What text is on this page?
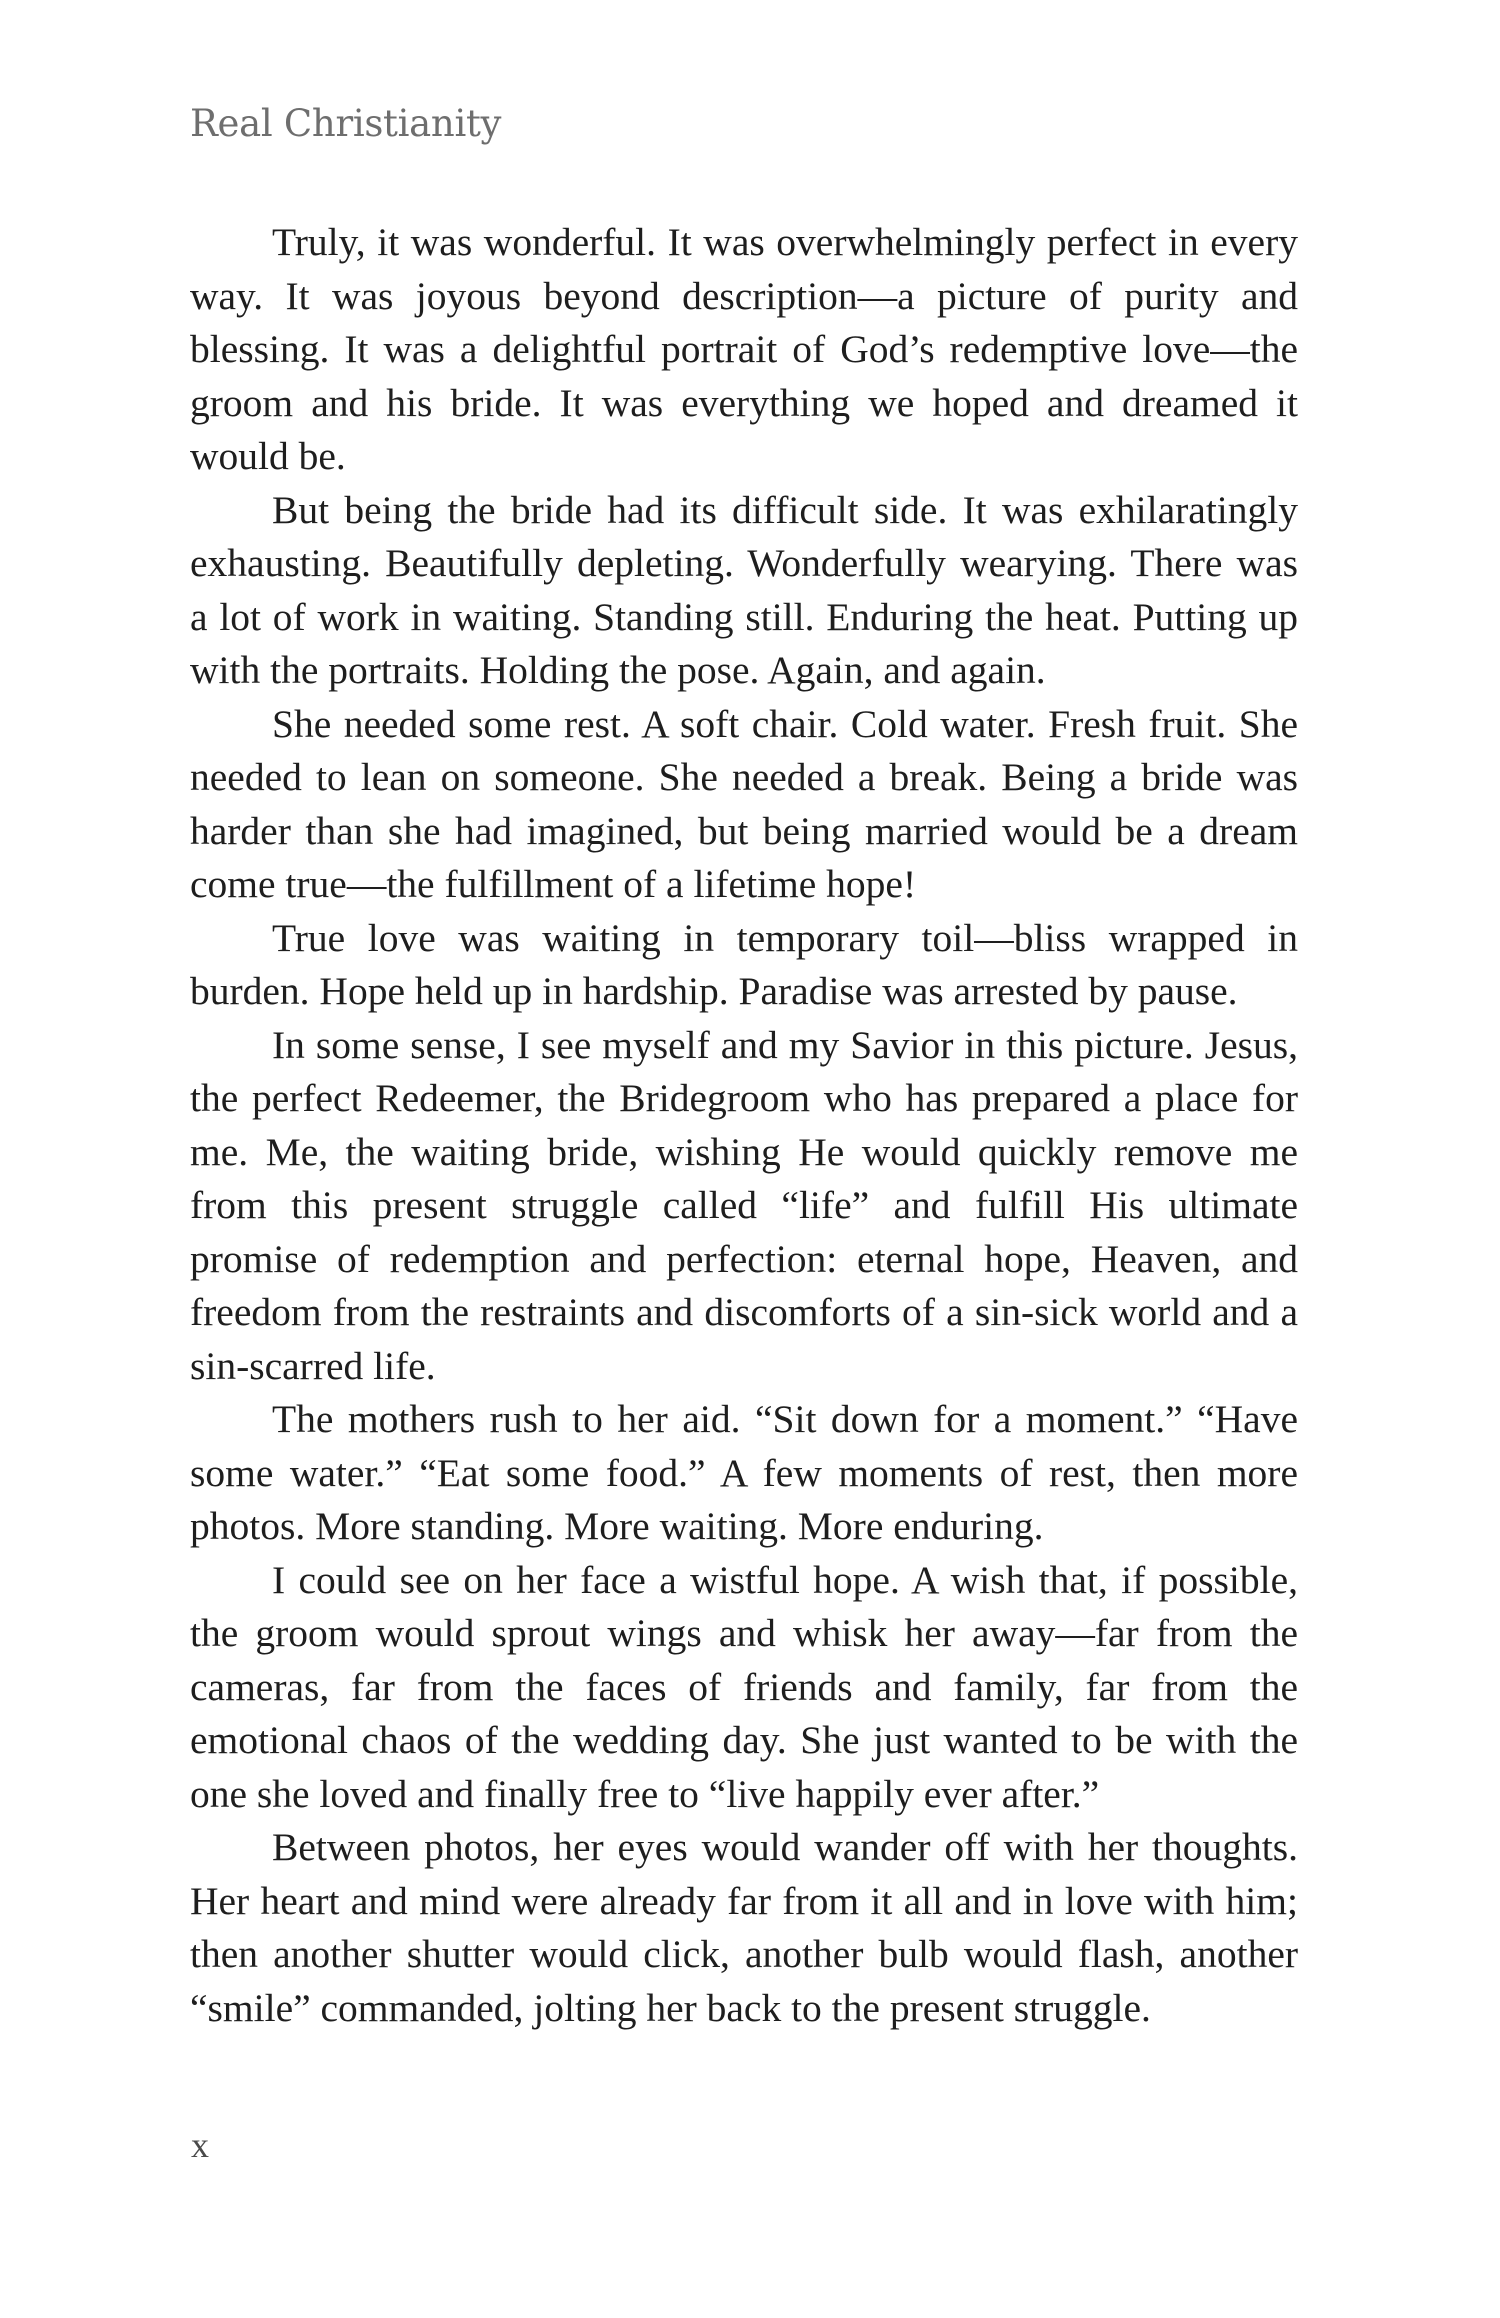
Real Christianity

Truly, it was wonderful. It was overwhelmingly perfect in every way. It was joyous beyond description—a picture of purity and blessing. It was a delightful portrait of God’s redemptive love—the groom and his bride. It was everything we hoped and dreamed it would be.

But being the bride had its difficult side. It was exhilaratingly exhausting. Beautifully depleting. Wonderfully wearying. There was a lot of work in waiting. Standing still. Enduring the heat. Putting up with the portraits. Holding the pose. Again, and again.

She needed some rest. A soft chair. Cold water. Fresh fruit. She needed to lean on someone. She needed a break. Being a bride was harder than she had imagined, but being married would be a dream come true—the fulfillment of a lifetime hope!

True love was waiting in temporary toil—bliss wrapped in burden. Hope held up in hardship. Paradise was arrested by pause.

In some sense, I see myself and my Savior in this picture. Jesus, the perfect Redeemer, the Bridegroom who has prepared a place for me. Me, the waiting bride, wishing He would quickly remove me from this present struggle called “life” and fulfill His ultimate promise of redemption and perfection: eternal hope, Heaven, and freedom from the restraints and discomforts of a sin-sick world and a sin-scarred life.

The mothers rush to her aid. “Sit down for a moment.” “Have some water.” “Eat some food.” A few moments of rest, then more photos. More standing. More waiting. More enduring.

I could see on her face a wistful hope. A wish that, if possible, the groom would sprout wings and whisk her away—far from the cameras, far from the faces of friends and family, far from the emotional chaos of the wedding day. She just wanted to be with the one she loved and finally free to “live happily ever after.”

Between photos, her eyes would wander off with her thoughts. Her heart and mind were already far from it all and in love with him; then another shutter would click, another bulb would flash, another “smile” commanded, jolting her back to the present struggle.

x
